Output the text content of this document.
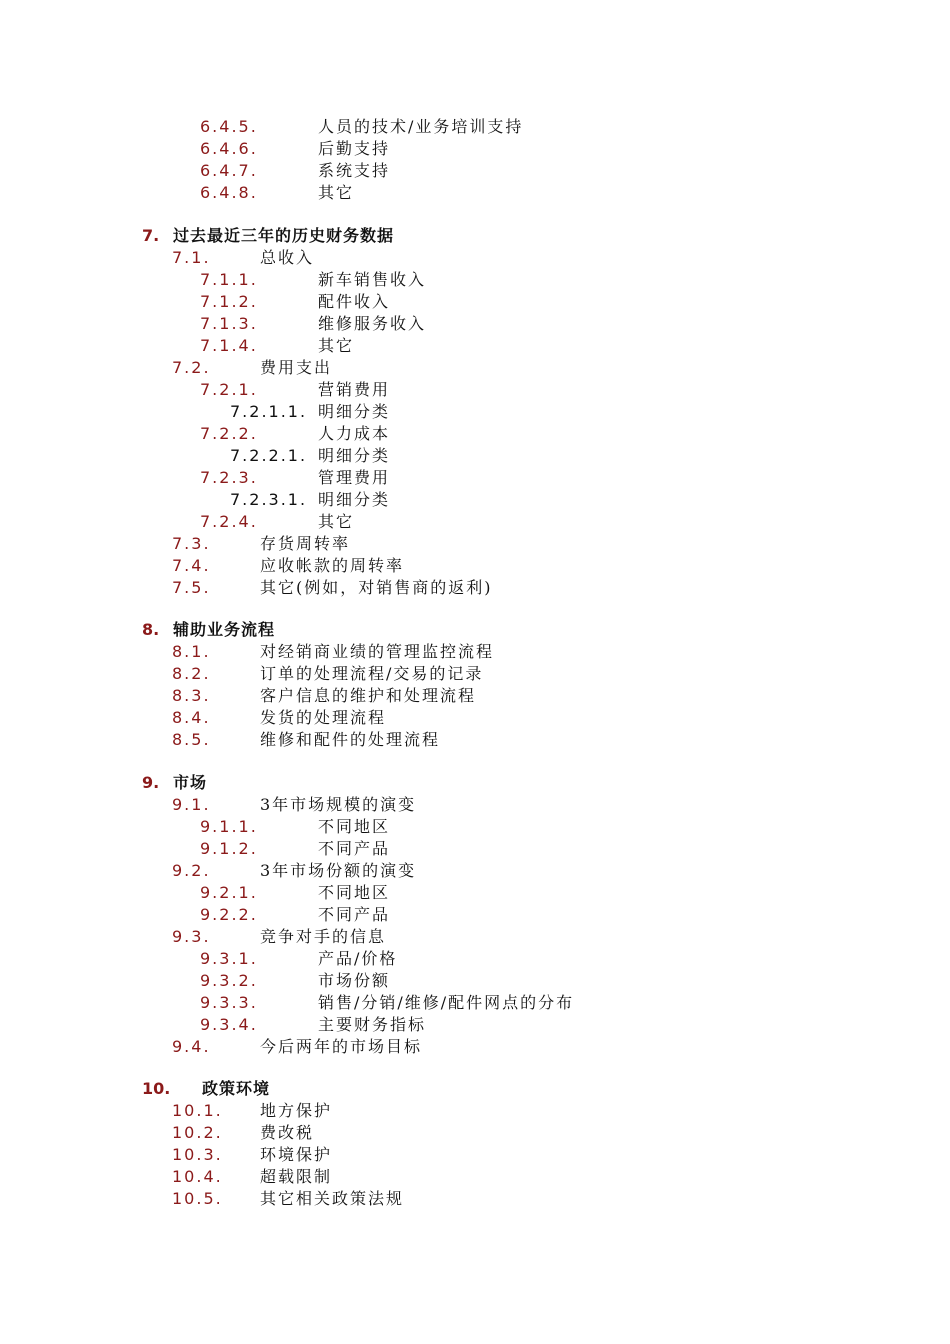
6.4.5.	人员的技术/业务培训支持
6.4.6.	后勤支持
6.4.7.	系统支持
6.4.8.	其它
7. 过去最近三年的历史财务数据
7.1.	总收入
7.1.1.	新车销售收入
7.1.2.	配件收入
7.1.3.	维修服务收入
7.1.4.	其它
7.2.	费用支出
7.2.1.	营销费用
7.2.1.1. 明细分类
7.2.2.	人力成本
7.2.2.1. 明细分类
7.2.3.	管理费用
7.2.3.1. 明细分类
7.2.4.	其它
7.3.	存货周转率
7.4.	应收帐款的周转率
7.5.	其它(例如，对销售商的返利)
8. 辅助业务流程
8.1.	对经销商业绩的管理监控流程
8.2.	订单的处理流程/交易的记录
8.3.	客户信息的维护和处理流程
8.4.	发货的处理流程
8.5.	维修和配件的处理流程
9. 市场
9.1.	3年市场规模的演变
9.1.1.	不同地区
9.1.2.	不同产品
9.2.	3年市场份额的演变
9.2.1.	不同地区
9.2.2.	不同产品
9.3.	竞争对手的信息
9.3.1.	产品/价格
9.3.2.	市场份额
9.3.3.	销售/分销/维修/配件网点的分布
9.3.4.	主要财务指标
9.4.	今后两年的市场目标
10. 政策环境
10.1. 地方保护
10.2. 费改税
10.3. 环境保护
10.4. 超载限制
10.5. 其它相关政策法规
